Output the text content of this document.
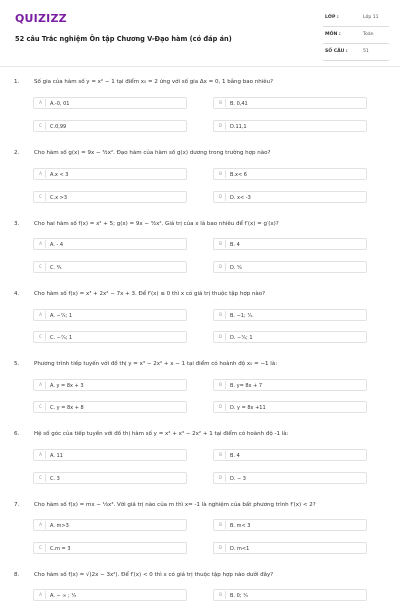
QUIZIZZ
52 câu Trắc nghiệm Ôn tập Chương V-Đạo hàm (có đáp án)
LỚP :	Lớp 11
MÔN :	Toán
SỐ CÂU :	51
1.	Số gia của hàm số y = x² − 1 tại điểm x₀ = 2 ứng với số gia Δx = 0, 1 bằng bao nhiêu?
A	A.-0, 01	B	B. 0,41
C	C.0,99	D	D.11,1
2.	Cho hàm số g(x) = 9x − ³⁄₂x². Đạo hàm của hàm số g(x) dương trong trường hợp nào?
A	A.x < 3	B	B.x< 6
C	C.x >3	D	D. x< -3
3.	Cho hai hàm số f(x) = x² + 5; g(x) = 9x − ³⁄₂x². Giá trị của x là bao nhiêu để f′(x) = g′(x)?
A	A. - 4	B	B. 4
C	C. ⁹⁄₅	D	D. ⁵⁄₉
4.	Cho hàm số f(x) = x³ + 2x² − 7x + 3. Để f′(x) ≤ 0 thì x có giá trị thuộc tập hợp nào?
A	A. −⁷⁄₃; 1	B	B. −1; ⁷⁄₃.
C	C. −⁷⁄₃; 1	D	D. −⁷⁄₃; 1
5.	Phương trình tiếp tuyến với đồ thị y = x³ − 2x² + x − 1 tại điểm có hoành độ x₀ = −1 là:
A	A. y = 8x + 3	B	B. y= 8x + 7
C	C. y = 8x + 8	D	D. y = 8x +11
6.	Hệ số góc của tiếp tuyến với đồ thị hàm số y = x⁴ + x³ − 2x² + 1 tại điểm có hoành độ -1 là:
A	A. 11	B	B. 4
C	C. 3	D	D. − 3
7.	Cho hàm số f(x) = mx − ¹⁄₃x³. Với giá trị nào của m thì x= -1 là nghiệm của bất phương trình f′(x) < 2?
A	A. m>3	B	B. m< 3
C	C.m = 3	D	D. m<1
8.	Cho hàm số f(x) = √(2x − 3x²). Để f′(x) < 0 thì x có giá trị thuộc tập hợp nào dưới đây?
A	A. − ∞ ; ¹⁄₃	B	B. 0; ¹⁄₃
